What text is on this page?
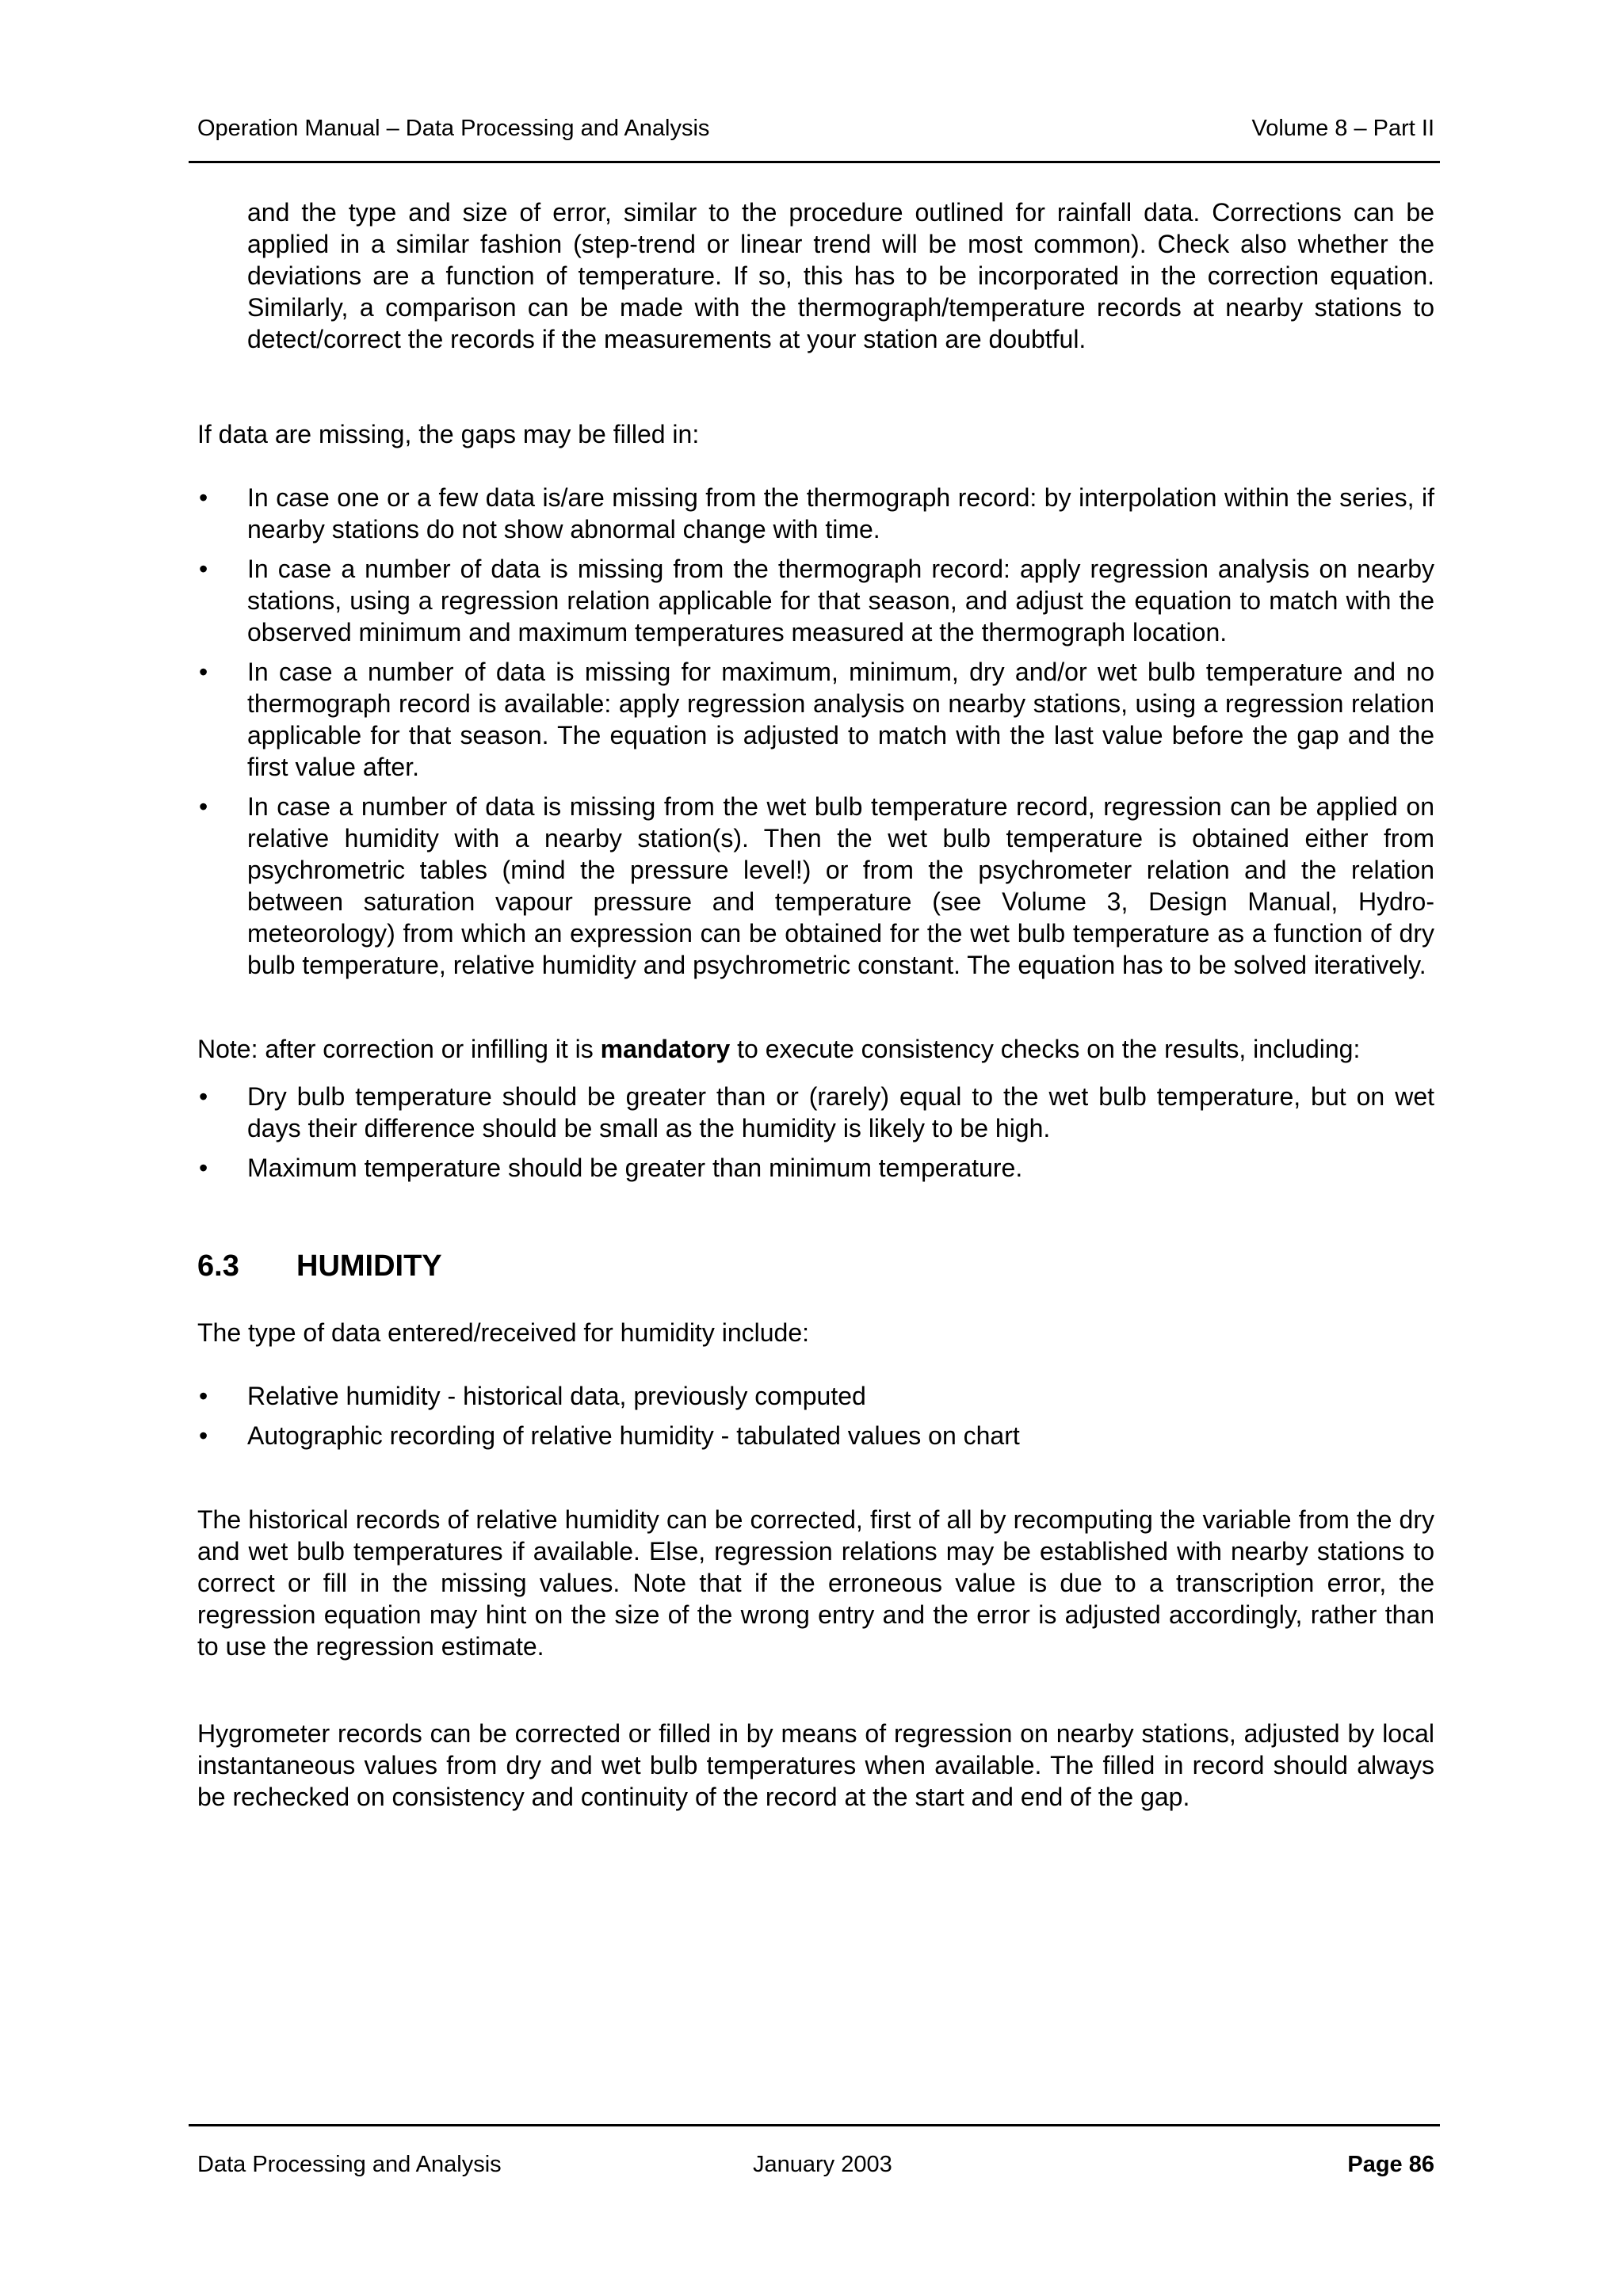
Operation Manual – Data Processing and Analysis	Volume 8 – Part II

and the type and size of error, similar to the procedure outlined for rainfall data. Corrections can be applied in a similar fashion (step-trend or linear trend will be most common). Check also whether the deviations are a function of temperature. If so, this has to be incorporated in the correction equation. Similarly, a comparison can be made with the thermograph/temperature records at nearby stations to detect/correct the records if the measurements at your station are doubtful.

If data are missing, the gaps may be filled in:

• In case one or a few data is/are missing from the thermograph record: by interpolation within the series, if nearby stations do not show abnormal change with time.
• In case a number of data is missing from the thermograph record: apply regression analysis on nearby stations, using a regression relation applicable for that season, and adjust the equation to match with the observed minimum and maximum temperatures measured at the thermograph location.
• In case a number of data is missing for maximum, minimum, dry and/or wet bulb temperature and no thermograph record is available: apply regression analysis on nearby stations, using a regression relation applicable for that season. The equation is adjusted to match with the last value before the gap and the first value after.
• In case a number of data is missing from the wet bulb temperature record, regression can be applied on relative humidity with a nearby station(s). Then the wet bulb temperature is obtained either from psychrometric tables (mind the pressure level!) or from the psychrometer relation and the relation between saturation vapour pressure and temperature (see Volume 3, Design Manual, Hydro-meteorology) from which an expression can be obtained for the wet bulb temperature as a function of dry bulb temperature, relative humidity and psychrometric constant. The equation has to be solved iteratively.

Note: after correction or infilling it is mandatory to execute consistency checks on the results, including:

• Dry bulb temperature should be greater than or (rarely) equal to the wet bulb temperature, but on wet days their difference should be small as the humidity is likely to be high.
• Maximum temperature should be greater than minimum temperature.
6.3 HUMIDITY

The type of data entered/received for humidity include:

• Relative humidity - historical data, previously computed
• Autographic recording of relative humidity - tabulated values on chart

The historical records of relative humidity can be corrected, first of all by recomputing the variable from the dry and wet bulb temperatures if available. Else, regression relations may be established with nearby stations to correct or fill in the missing values. Note that if the erroneous value is due to a transcription error, the regression equation may hint on the size of the wrong entry and the error is adjusted accordingly, rather than to use the regression estimate.

Hygrometer records can be corrected or filled in by means of regression on nearby stations, adjusted by local instantaneous values from dry and wet bulb temperatures when available. The filled in record should always be rechecked on consistency and continuity of the record at the start and end of the gap.

Data Processing and Analysis	January 2003	Page 86
